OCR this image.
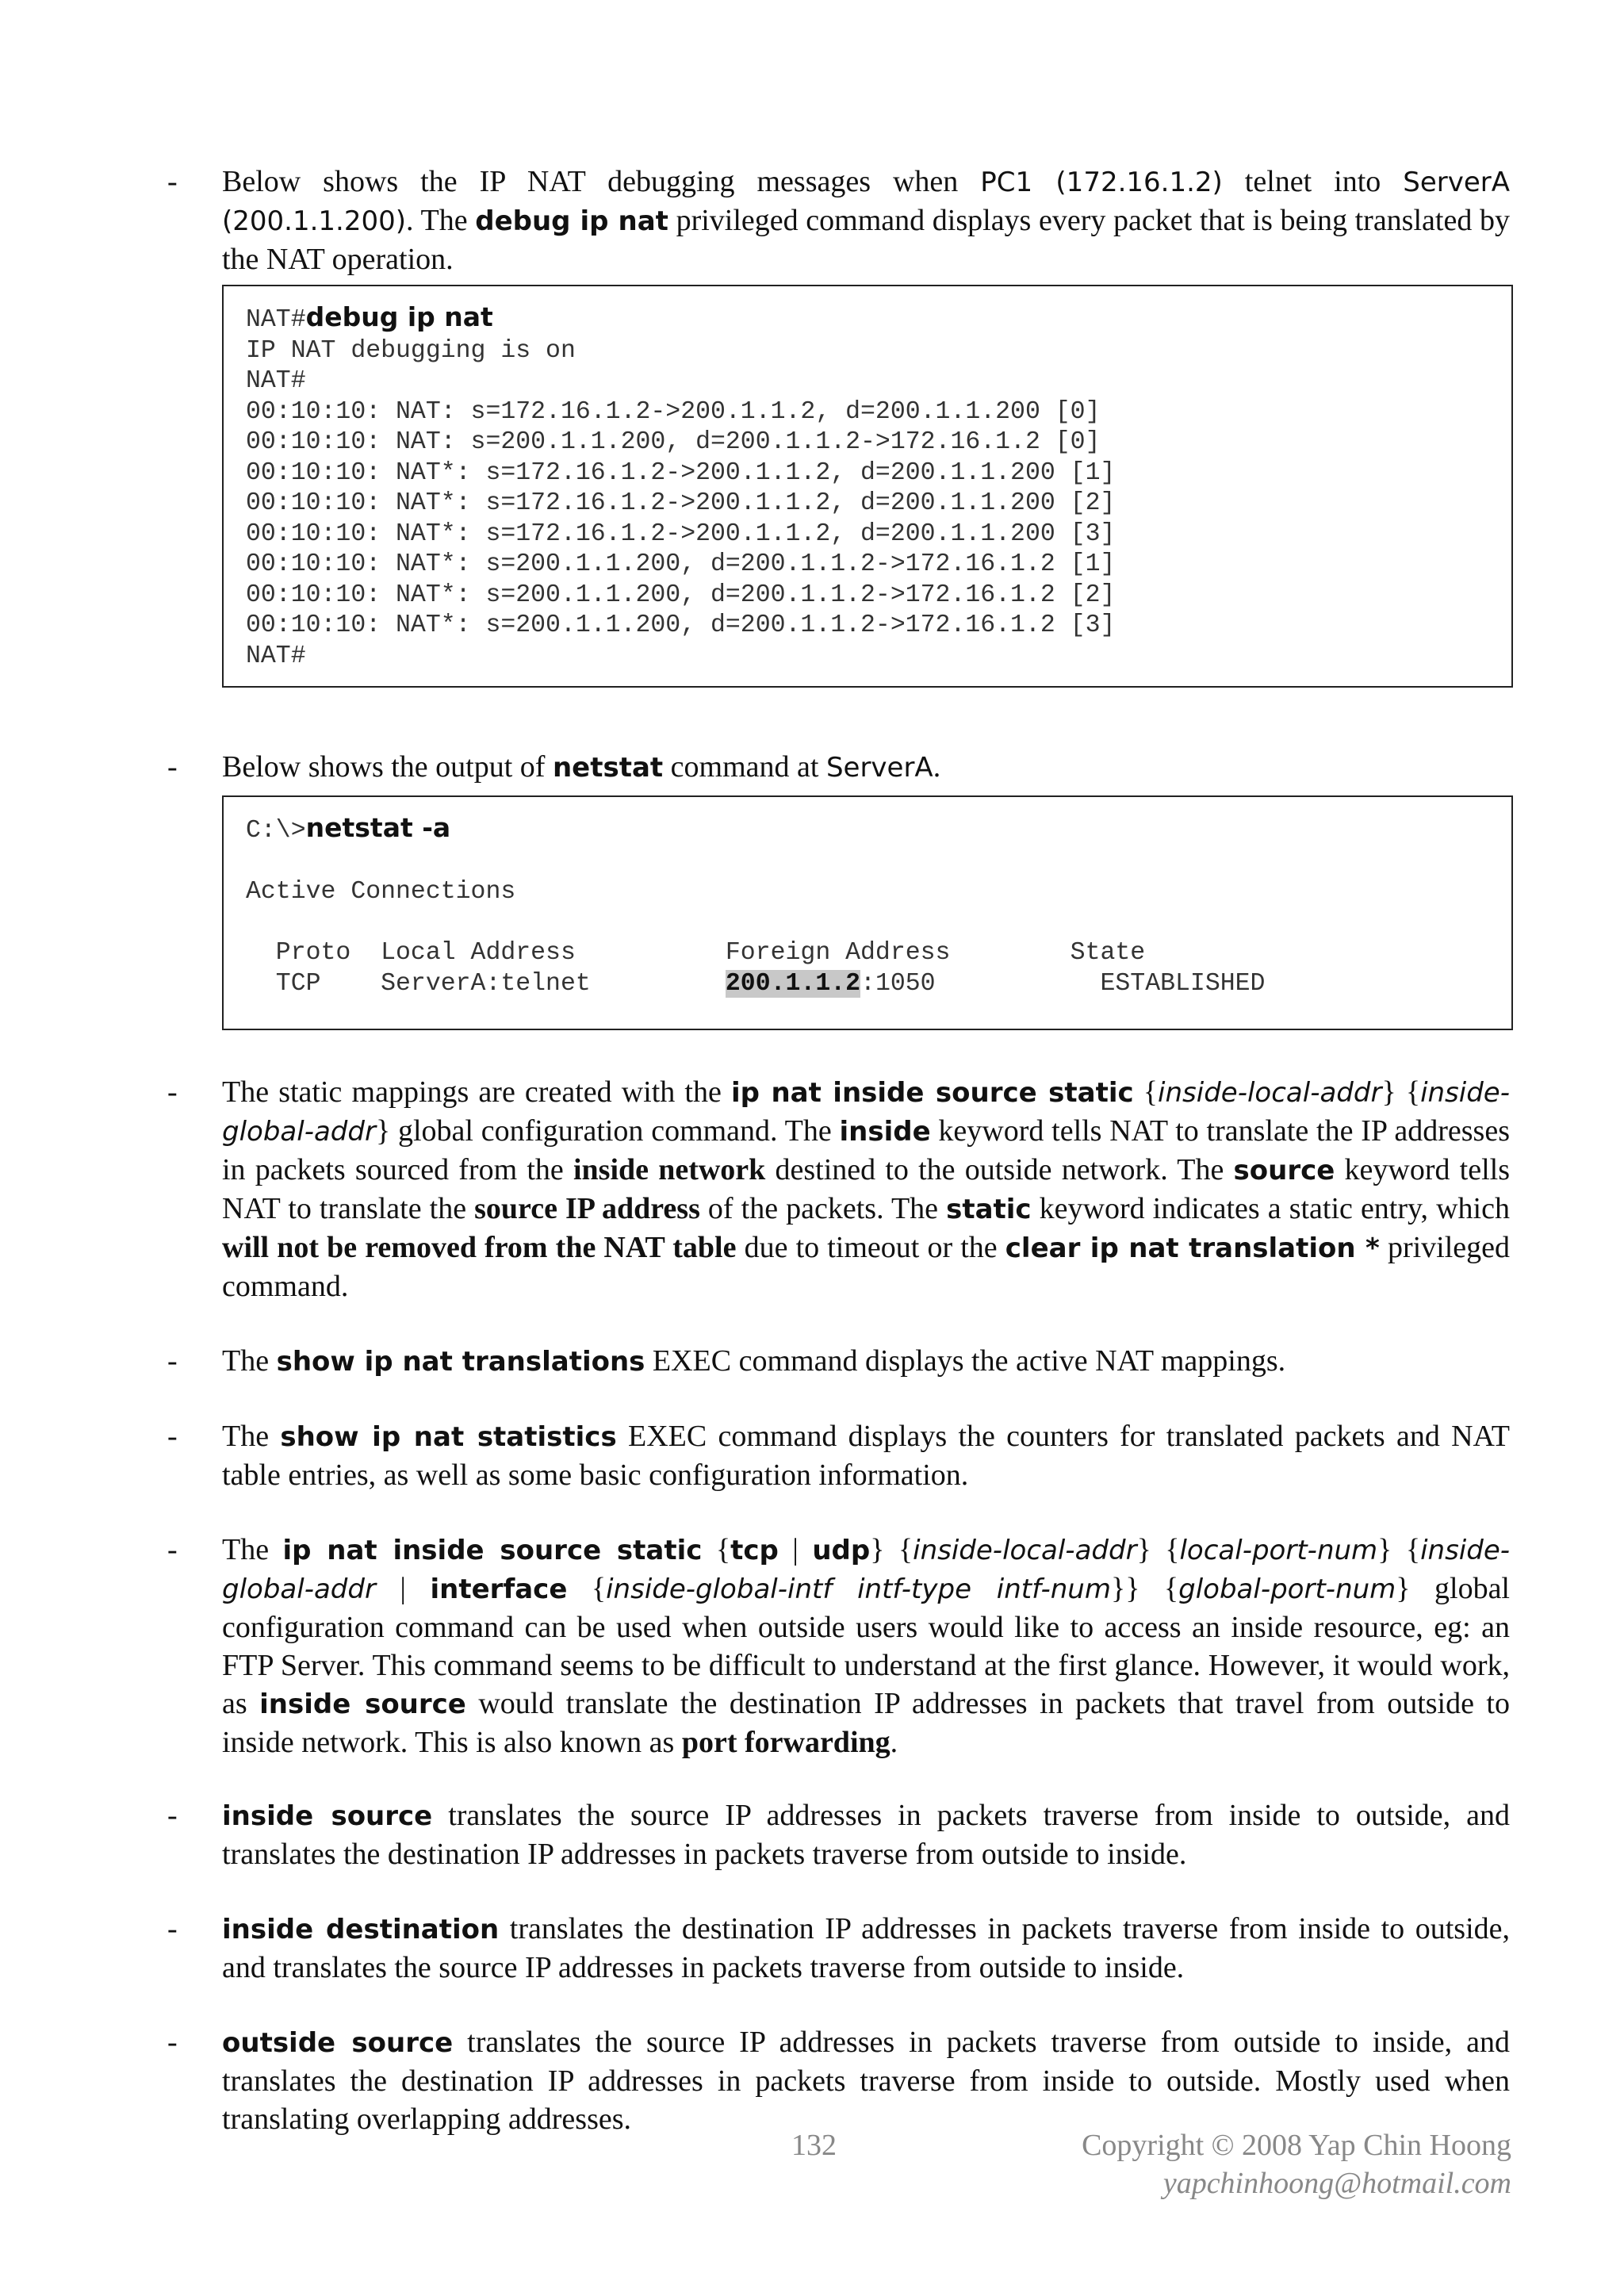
- Below shows the IP NAT debugging messages when PC1 (172.16.1.2) telnet into ServerA (200.1.1.200). The debug ip nat privileged command displays every packet that is being translated by the NAT operation.
NAT#debug ip nat
IP NAT debugging is on
NAT#
00:10:10: NAT: s=172.16.1.2->200.1.1.2, d=200.1.1.200 [0]
00:10:10: NAT: s=200.1.1.200, d=200.1.1.2->172.16.1.2 [0]
00:10:10: NAT*: s=172.16.1.2->200.1.1.2, d=200.1.1.200 [1]
00:10:10: NAT*: s=172.16.1.2->200.1.1.2, d=200.1.1.200 [2]
00:10:10: NAT*: s=172.16.1.2->200.1.1.2, d=200.1.1.200 [3]
00:10:10: NAT*: s=200.1.1.200, d=200.1.1.2->172.16.1.2 [1]
00:10:10: NAT*: s=200.1.1.200, d=200.1.1.2->172.16.1.2 [2]
00:10:10: NAT*: s=200.1.1.200, d=200.1.1.2->172.16.1.2 [3]
NAT#
- Below shows the output of netstat command at ServerA.
C:\>netstat -a

Active Connections

Proto  Local Address          Foreign Address        State
TCP    ServerA:telnet         200.1.1.2:1050           ESTABLISHED
- The static mappings are created with the ip nat inside source static {inside-local-addr} {inside-global-addr} global configuration command. The inside keyword tells NAT to translate the IP addresses in packets sourced from the inside network destined to the outside network. The source keyword tells NAT to translate the source IP address of the packets. The static keyword indicates a static entry, which will not be removed from the NAT table due to timeout or the clear ip nat translation * privileged command.
- The show ip nat translations EXEC command displays the active NAT mappings.
- The show ip nat statistics EXEC command displays the counters for translated packets and NAT table entries, as well as some basic configuration information.
- The ip nat inside source static {tcp | udp} {inside-local-addr} {local-port-num} {inside-global-addr | interface {inside-global-intf intf-type intf-num}} {global-port-num} global configuration command can be used when outside users would like to access an inside resource, eg: an FTP Server. This command seems to be difficult to understand at the first glance. However, it would work, as inside source would translate the destination IP addresses in packets that travel from outside to inside network. This is also known as port forwarding.
- inside source translates the source IP addresses in packets traverse from inside to outside, and translates the destination IP addresses in packets traverse from outside to inside.
- inside destination translates the destination IP addresses in packets traverse from inside to outside, and translates the source IP addresses in packets traverse from outside to inside.
- outside source translates the source IP addresses in packets traverse from outside to inside, and translates the destination IP addresses in packets traverse from inside to outside. Mostly used when translating overlapping addresses.
132	Copyright © 2008 Yap Chin Hoong
yapchinhoong@hotmail.com
